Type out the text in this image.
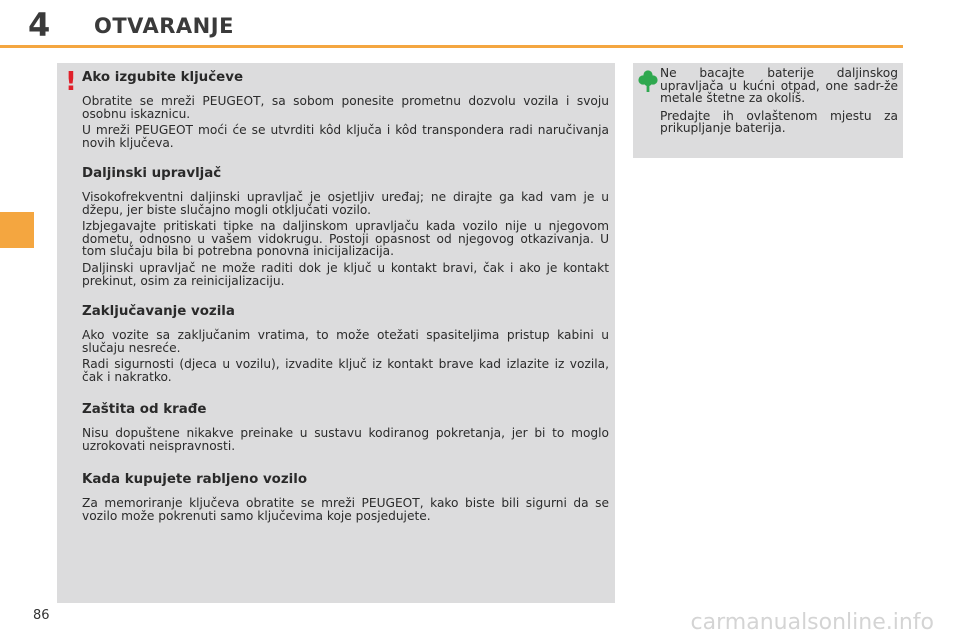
4 OTVARANJE
! Ako izgubite ključeve

Obratite se mreži PEUGEOT, sa sobom ponesite prometnu dozvolu vozila i svoju osobnu iskaznicu.

U mreži PEUGEOT moći će se utvrditi kôd ključa i kôd transpondera radi naručivanja novih ključeva.

Daljinski upravljač

Visokofrekventni daljinski upravljač je osjetljiv uređaj; ne dirajte ga kad vam je u džepu, jer biste slučajno mogli otključati vozilo.

Izbjegavajte pritiskati tipke na daljinskom upravljaču kada vozilo nije u njegovom dometu, odnosno u vašem vidokrugu. Postoji opasnost od njegovog otkazivanja. U tom slučaju bila bi potrebna ponovna inicijalizacija.

Daljinski upravljač ne može raditi dok je ključ u kontakt bravi, čak i ako je kontakt prekinut, osim za reinicijalizaciju.

Zaključavanje vozila

Ako vozite sa zaključanim vratima, to može otežati spasiteljima pristup kabini u slučaju nesreće.

Radi sigurnosti (djeca u vozilu), izvadite ključ iz kontakt brave kad izlazite iz vozila, čak i nakratko.

Zaštita od krađe

Nisu dopuštene nikakve preinake u sustavu kodiranog pokretanja, jer bi to moglo uzrokovati neispravnosti.

Kada kupujete rabljeno vozilo

Za memoriranje ključeva obratite se mreži PEUGEOT, kako biste bili sigurni da se vozilo može pokrenuti samo ključevima koje posjedujete.

Ne bacajte baterije daljinskog upravljača u kućni otpad, one sadr-že metale štetne za okoliš.

Predajte ih ovlaštenom mjestu za prikupljanje baterija.

86	carmanualsonline.info
